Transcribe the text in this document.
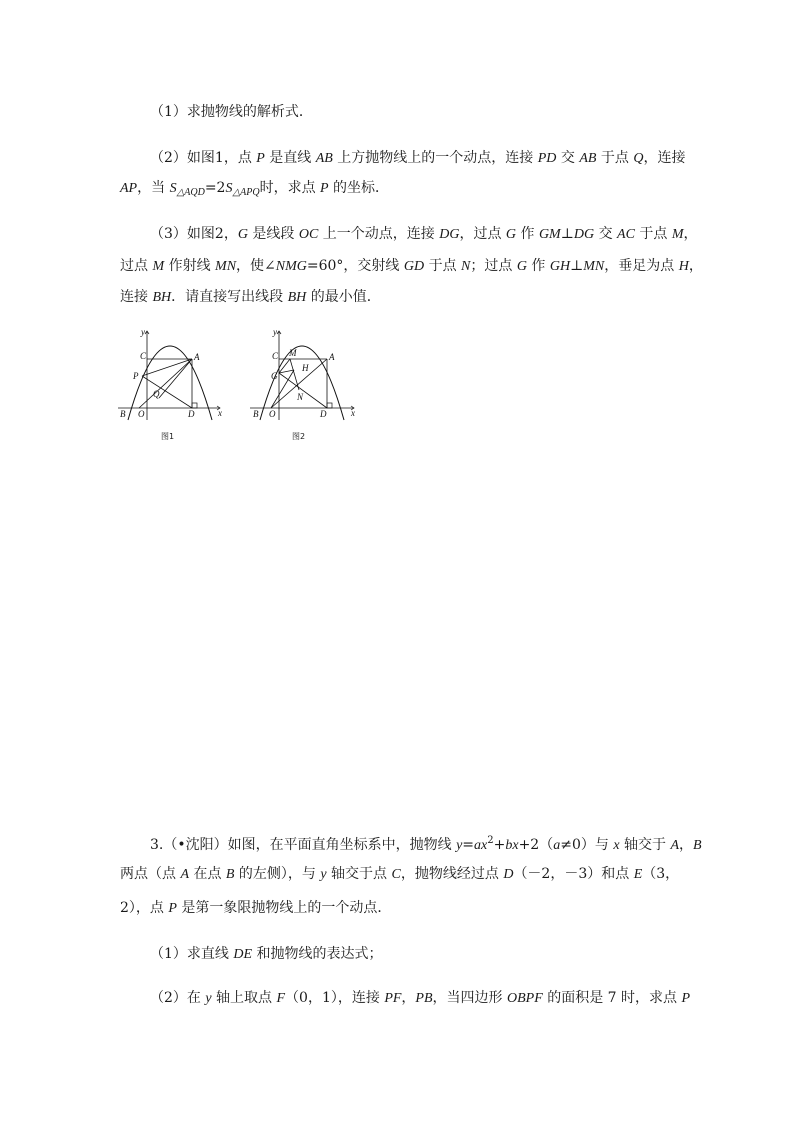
（1）求抛物线的解析式．
（2）如图1，点 P 是直线 AB 上方抛物线上的一个动点，连接 PD 交 AB 于点 Q，连接
AP，当 $S_{\triangle AQD}=2S_{\triangle APQ}$时，求点 P 的坐标．
（3）如图2，G 是线段 OC 上一个动点，连接 DG，过点 G 作 GM⊥DG 交 AC 于点 M，
过点 M 作射线 MN，使∠NMG=60°，交射线 GD 于点 N；过点 G 作 GH⊥MN，垂足为点 H，
连接 BH．请直接写出线段 BH 的最小值．
y
C	A
P
Q
B O	D	x
图1
y
M
C	A
H
G
N
B O	D	x
图2
3.（•沈阳）如图，在平面直角坐标系中，抛物线 $y=ax^2+bx+2(a\ne 0)$与 x 轴交于 A，B
两点（点 A 在点 B 的左侧），与 y 轴交于点 C，抛物线经过点 D（－2，－3）和点 E（3，
2），点 P 是第一象限抛物线上的一个动点．
（1）求直线 DE 和抛物线的表达式；
（2）在 y 轴上取点 F（0，1），连接 PF，PB，当四边形 OBPF 的面积是 7 时，求点 P
